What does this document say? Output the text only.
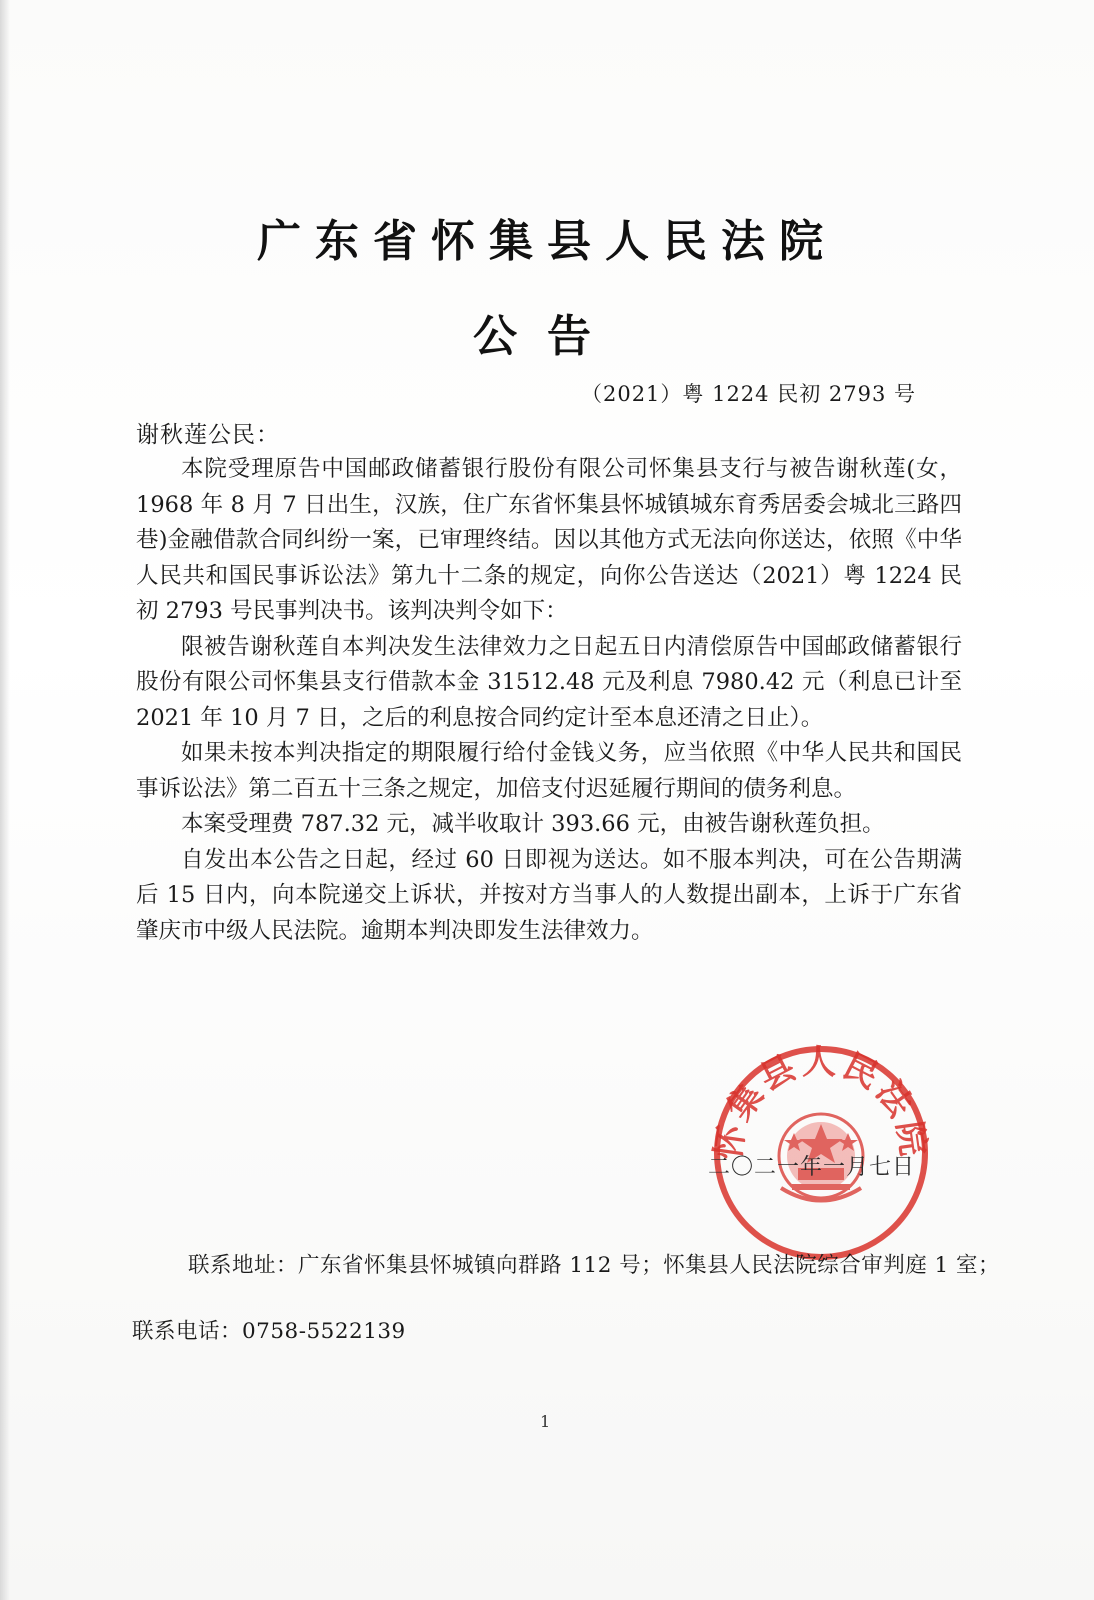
广东省怀集县人民法院
公告
（2021）粤 1224 民初 2793 号
谢秋莲公民：

本院受理原告中国邮政储蓄银行股份有限公司怀集县支行与被告谢秋莲(女，1968 年 8 月 7 日出生，汉族，住广东省怀集县怀城镇城东育秀居委会城北三路四巷)金融借款合同纠纷一案，已审理终结。因以其他方式无法向你送达，依照《中华人民共和国民事诉讼法》第九十二条的规定，向你公告送达（2021）粤 1224 民初 2793 号民事判决书。该判决判令如下：

限被告谢秋莲自本判决发生法律效力之日起五日内清偿原告中国邮政储蓄银行股份有限公司怀集县支行借款本金 31512.48 元及利息 7980.42 元（利息已计至 2021 年 10 月 7 日，之后的利息按合同约定计至本息还清之日止）。

如果未按本判决指定的期限履行给付金钱义务，应当依照《中华人民共和国民事诉讼法》第二百五十三条之规定，加倍支付迟延履行期间的债务利息。

本案受理费 787.32 元，减半收取计 393.66 元，由被告谢秋莲负担。

自发出本公告之日起，经过 60 日即视为送达。如不服本判决，可在公告期满后 15 日内，向本院递交上诉状，并按对方当事人的人数提出副本，上诉于广东省肇庆市中级人民法院。逾期本判决即发生法律效力。

怀集县人民法院
二〇二一年一月七日
联系地址：广东省怀集县怀城镇向群路 112 号；怀集县人民法院综合审判庭 1 室；
联系电话：0758-5522139
1
